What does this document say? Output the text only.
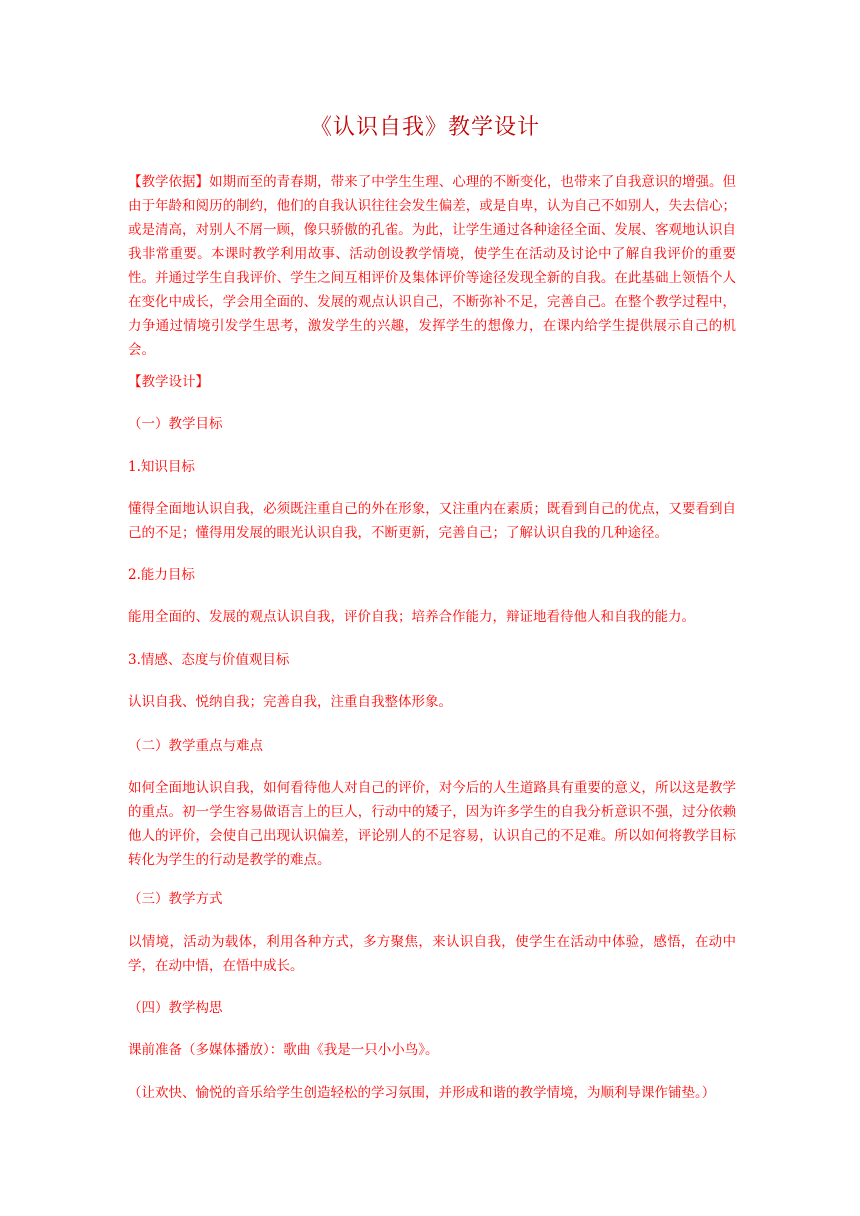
《认识自我》教学设计

【教学依据】如期而至的青春期，带来了中学生生理、心理的不断变化，也带来了自我意识的增强。但由于年龄和阅历的制约，他们的自我认识往往会发生偏差，或是自卑，认为自己不如别人，失去信心；或是清高，对别人不屑一顾，像只骄傲的孔雀。为此，让学生通过各种途径全面、发展、客观地认识自我非常重要。本课时教学利用故事、活动创设教学情境，使学生在活动及讨论中了解自我评价的重要性。并通过学生自我评价、学生之间互相评价及集体评价等途径发现全新的自我。在此基础上领悟个人在变化中成长，学会用全面的、发展的观点认识自己，不断弥补不足，完善自己。在整个教学过程中，力争通过情境引发学生思考，激发学生的兴趣，发挥学生的想像力，在课内给学生提供展示自己的机会。

【教学设计】

（一）教学目标

1.知识目标

懂得全面地认识自我，必须既注重自己的外在形象，又注重内在素质；既看到自己的优点，又要看到自己的不足；懂得用发展的眼光认识自我，不断更新，完善自己；了解认识自我的几种途径。

2.能力目标

能用全面的、发展的观点认识自我，评价自我；培养合作能力，辩证地看待他人和自我的能力。

3.情感、态度与价值观目标

认识自我、悦纳自我；完善自我，注重自我整体形象。

（二）教学重点与难点

如何全面地认识自我，如何看待他人对自己的评价，对今后的人生道路具有重要的意义，所以这是教学的重点。初一学生容易做语言上的巨人，行动中的矮子，因为许多学生的自我分析意识不强，过分依赖他人的评价，会使自己出现认识偏差，评论别人的不足容易，认识自己的不足难。所以如何将教学目标转化为学生的行动是教学的难点。

（三）教学方式

以情境，活动为载体，利用各种方式，多方聚焦，来认识自我，使学生在活动中体验，感悟，在动中学，在动中悟，在悟中成长。

（四）教学构思

课前准备（多媒体播放）：歌曲《我是一只小小鸟》。

（让欢快、愉悦的音乐给学生创造轻松的学习氛围，并形成和谐的教学情境，为顺利导课作铺垫。）
